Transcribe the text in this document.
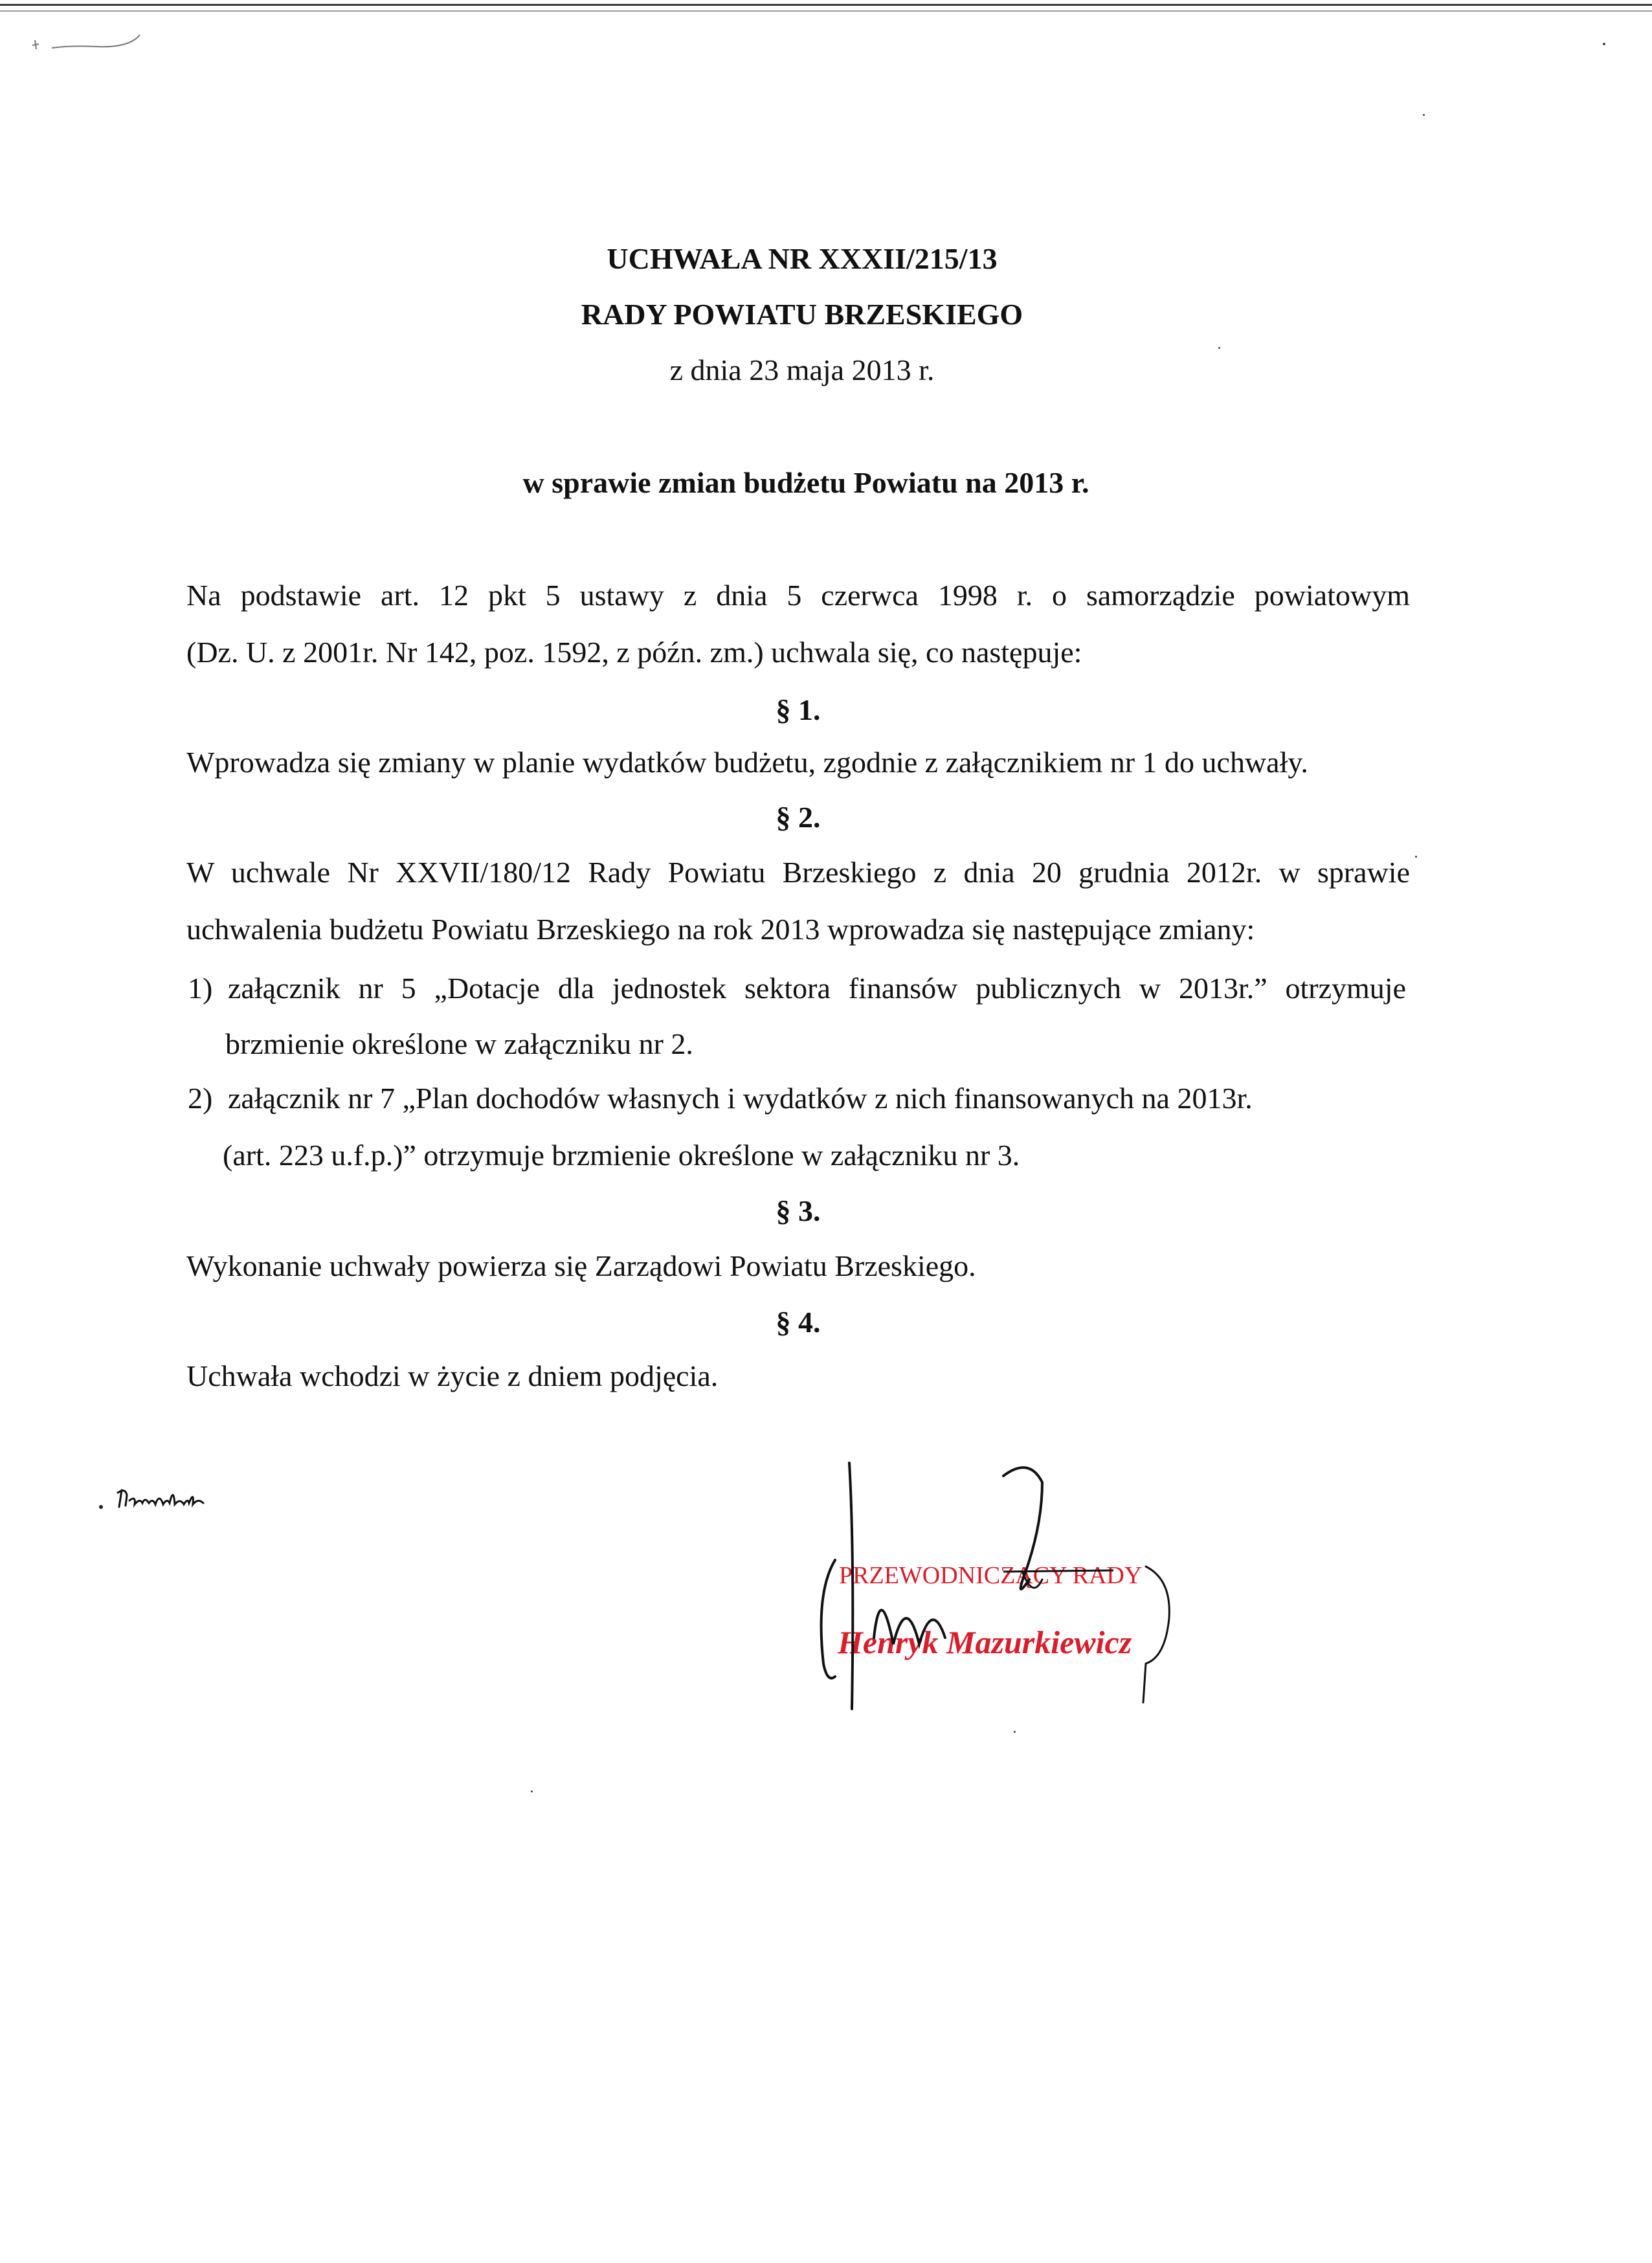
UCHWAŁA NR XXXII/215/13
RADY POWIATU BRZESKIEGO
z dnia 23 maja 2013 r.
w sprawie zmian budżetu Powiatu na 2013 r.

Na podstawie art. 12 pkt 5 ustawy z dnia 5 czerwca 1998 r. o samorządzie powiatowym

(Dz. U. z 2001r. Nr 142, poz. 1592, z późn. zm.) uchwala się, co następuje:

§ 1.

Wprowadza się zmiany w planie wydatków budżetu, zgodnie z załącznikiem nr 1 do uchwały.

§ 2.

W uchwale Nr XXVII/180/12 Rady Powiatu Brzeskiego z dnia 20 grudnia 2012r. w sprawie

uchwalenia budżetu Powiatu Brzeskiego na rok 2013 wprowadza się następujące zmiany:

1) załącznik nr 5 „Dotacje dla jednostek sektora finansów publicznych w 2013r.” otrzymuje
brzmienie określone w załączniku nr 2.
2) załącznik nr 7 „Plan dochodów własnych i wydatków z nich finansowanych na 2013r.
(art. 223 u.f.p.)” otrzymuje brzmienie określone w załączniku nr 3.
§ 3.

Wykonanie uchwały powierza się Zarządowi Powiatu Brzeskiego.

§ 4.

Uchwała wchodzi w życie z dniem podjęcia.

PRZEWODNICZĄCY RADY
Henryk Mazurkiewicz
